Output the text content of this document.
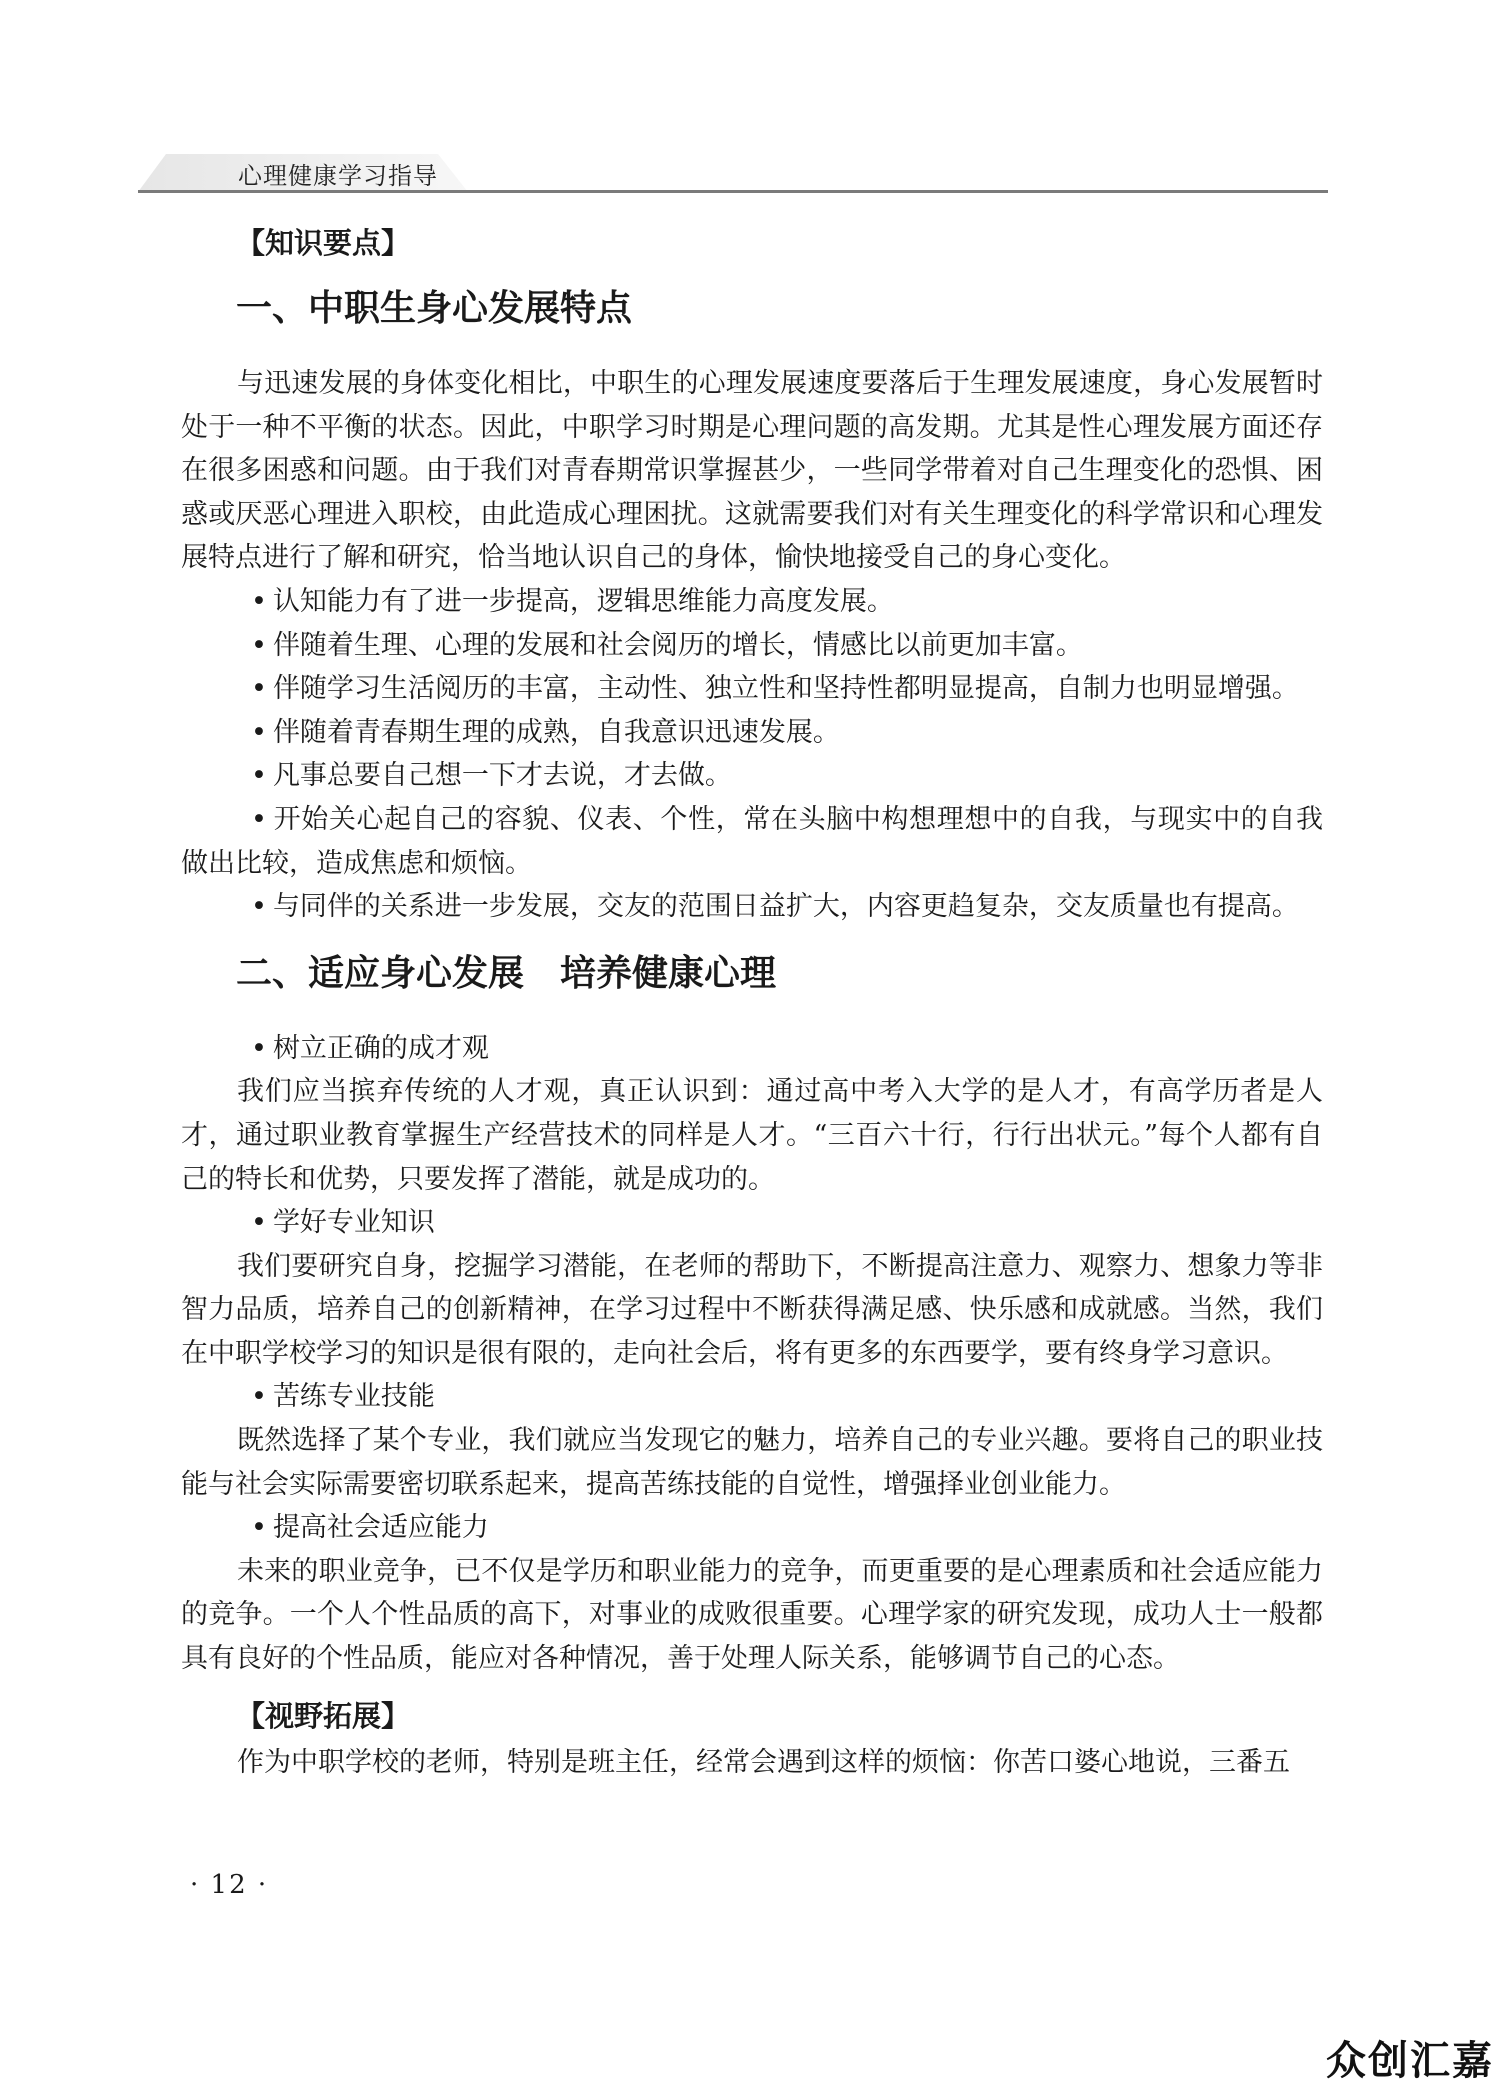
心理健康学习指导
【知识要点】
一、中职生身心发展特点

与迅速发展的身体变化相比，中职生的心理发展速度要落后于生理发展速度，身心发展暂时处于一种不平衡的状态。因此，中职学习时期是心理问题的高发期。尤其是性心理发展方面还存在很多困惑和问题。由于我们对青春期常识掌握甚少，一些同学带着对自己生理变化的恐惧、困惑或厌恶心理进入职校，由此造成心理困扰。这就需要我们对有关生理变化的科学常识和心理发展特点进行了解和研究，恰当地认识自己的身体，愉快地接受自己的身心变化。

• 认知能力有了进一步提高，逻辑思维能力高度发展。

• 伴随着生理、心理的发展和社会阅历的增长，情感比以前更加丰富。

• 伴随学习生活阅历的丰富，主动性、独立性和坚持性都明显提高，自制力也明显增强。

• 伴随着青春期生理的成熟，自我意识迅速发展。

• 凡事总要自己想一下才去说，才去做。

• 开始关心起自己的容貌、仪表、个性，常在头脑中构想理想中的自我，与现实中的自我做出比较，造成焦虑和烦恼。

• 与同伴的关系进一步发展，交友的范围日益扩大，内容更趋复杂，交友质量也有提高。

二、适应身心发展　培养健康心理

• 树立正确的成才观

我们应当摈弃传统的人才观，真正认识到：通过高中考入大学的是人才，有高学历者是人才，通过职业教育掌握生产经营技术的同样是人才。“三百六十行，行行出状元。”每个人都有自己的特长和优势，只要发挥了潜能，就是成功的。

• 学好专业知识

我们要研究自身，挖掘学习潜能，在老师的帮助下，不断提高注意力、观察力、想象力等非智力品质，培养自己的创新精神，在学习过程中不断获得满足感、快乐感和成就感。当然，我们在中职学校学习的知识是很有限的，走向社会后，将有更多的东西要学，要有终身学习意识。

• 苦练专业技能

既然选择了某个专业，我们就应当发现它的魅力，培养自己的专业兴趣。要将自己的职业技能与社会实际需要密切联系起来，提高苦练技能的自觉性，增强择业创业能力。

• 提高社会适应能力

未来的职业竞争，已不仅是学历和职业能力的竞争，而更重要的是心理素质和社会适应能力的竞争。一个人个性品质的高下，对事业的成败很重要。心理学家的研究发现，成功人士一般都具有良好的个性品质，能应对各种情况，善于处理人际关系，能够调节自己的心态。

【视野拓展】

作为中职学校的老师，特别是班主任，经常会遇到这样的烦恼：你苦口婆心地说，三番五

· 12 ·
众创汇嘉
